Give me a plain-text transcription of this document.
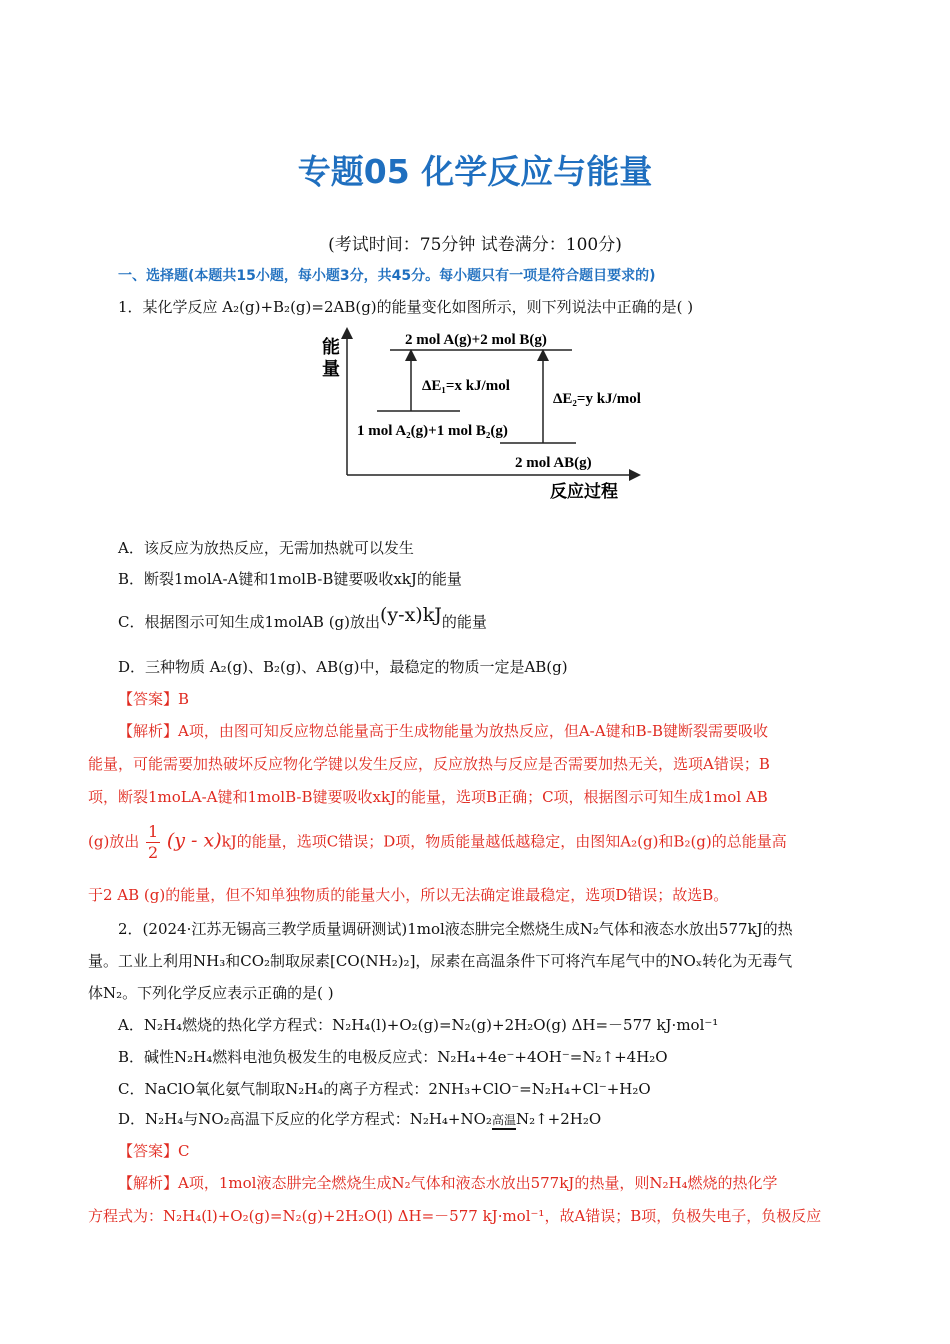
专题05 化学反应与能量
(考试时间：75分钟 试卷满分：100分)
一、选择题(本题共15小题，每小题3分，共45分。每小题只有一项是符合题目要求的)
1．某化学反应 A₂(g)+B₂(g)=2AB(g)的能量变化如图所示，则下列说法中正确的是( )
能
量
反应过程
2 mol A(g)+2 mol B(g)
1 mol A₂(g)+1 mol B₂(g)
2 mol AB(g)
ΔE₁=x kJ/mol
ΔE₂=y kJ/mol
A．该反应为放热反应，无需加热就可以发生
B．断裂1molA-A键和1molB-B键要吸收xkJ的能量
C．根据图示可知生成1molAB (g)放出(y-x)kJ的能量
D．三种物质 A₂(g)、B₂(g)、AB(g)中，最稳定的物质一定是AB(g)
【答案】B
【解析】A项，由图可知反应物总能量高于生成物能量为放热反应，但A-A键和B-B键断裂需要吸收
能量，可能需要加热破坏反应物化学键以发生反应，反应放热与反应是否需要加热无关，选项A错误；B
项，断裂1moLA-A键和1molB-B键要吸收xkJ的能量，选项B正确；C项，根据图示可知生成1mol AB
(g)放出 $\frac{1}{2} (y - x)kJ$的能量，选项C错误；D项，物质能量越低越稳定，由图知A₂(g)和B₂(g)的总能量高
于2 AB (g)的能量，但不知单独物质的能量大小，所以无法确定谁最稳定，选项D错误；故选B。
2．(2024·江苏无锡高三教学质量调研测试)1mol液态肼完全燃烧生成N₂气体和液态水放出577kJ的热
量。工业上利用NH₃和CO₂制取尿素[CO(NH₂)₂]，尿素在高温条件下可将汽车尾气中的NOₓ转化为无毒气
体N₂。下列化学反应表示正确的是( )
A．N₂H₄燃烧的热化学方程式：N₂H₄(l)+O₂(g)=N₂(g)+2H₂O(g) ΔH=－577 kJ·mol⁻¹
B．碱性N₂H₄燃料电池负极发生的电极反应式：N₂H₄+4e⁻+4OH⁻=N₂↑+4H₂O
C．NaClO氧化氨气制取N₂H₄的离子方程式：2NH₃+ClO⁻=N₂H₄+Cl⁻+H₂O
D．N₂H₄与NO₂高温下反应的化学方程式：N₂H₄+NO₂高温N₂↑+2H₂O
【答案】C
【解析】A项，1mol液态肼完全燃烧生成N₂气体和液态水放出577kJ的热量，则N₂H₄燃烧的热化学
方程式为：N₂H₄(l)+O₂(g)=N₂(g)+2H₂O(l) ΔH=－577 kJ·mol⁻¹，故A错误；B项，负极失电子，负极反应
